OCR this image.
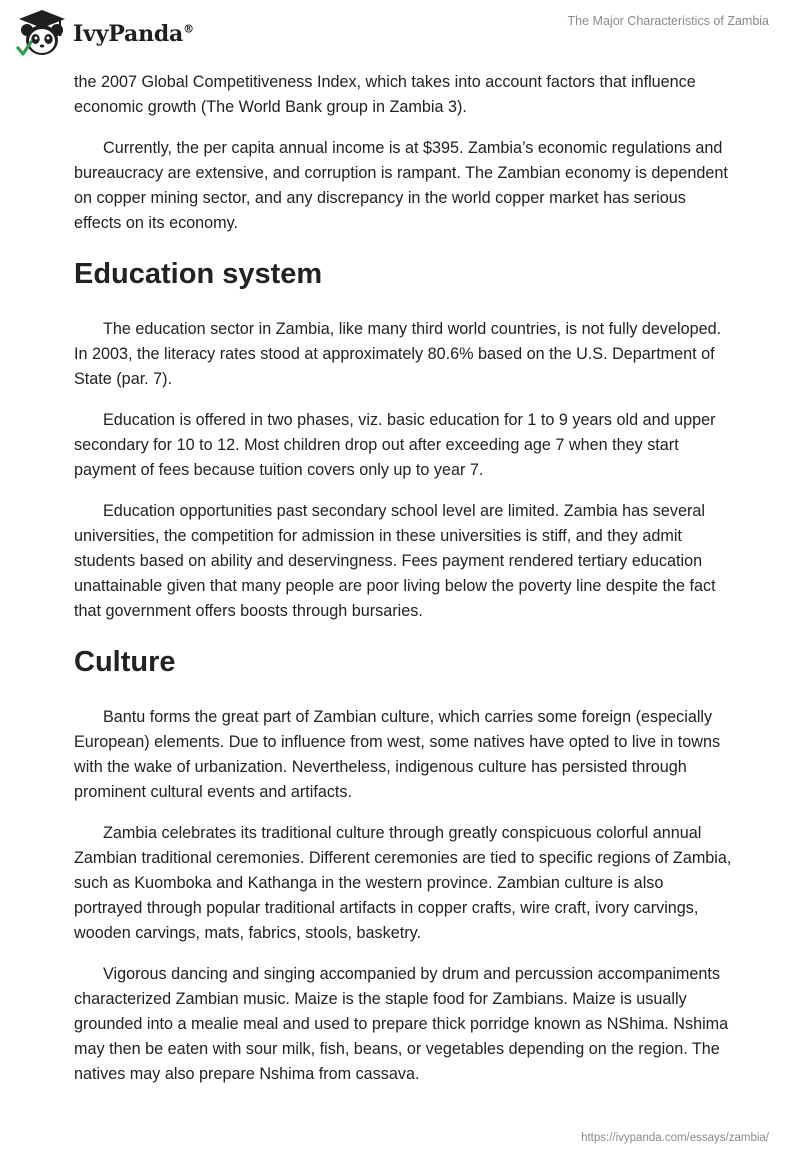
IvyPanda®
The Major Characteristics of Zambia

the 2007 Global Competitiveness Index, which takes into account factors that influence economic growth (The World Bank group in Zambia 3).

Currently, the per capita annual income is at $395. Zambia’s economic regulations and bureaucracy are extensive, and corruption is rampant. The Zambian economy is dependent on copper mining sector, and any discrepancy in the world copper market has serious effects on its economy.

Education system

The education sector in Zambia, like many third world countries, is not fully developed. In 2003, the literacy rates stood at approximately 80.6% based on the U.S. Department of State (par. 7).

Education is offered in two phases, viz. basic education for 1 to 9 years old and upper secondary for 10 to 12. Most children drop out after exceeding age 7 when they start payment of fees because tuition covers only up to year 7.

Education opportunities past secondary school level are limited. Zambia has several universities, the competition for admission in these universities is stiff, and they admit students based on ability and deservingness. Fees payment rendered tertiary education unattainable given that many people are poor living below the poverty line despite the fact that government offers boosts through bursaries.

Culture

Bantu forms the great part of Zambian culture, which carries some foreign (especially European) elements. Due to influence from west, some natives have opted to live in towns with the wake of urbanization. Nevertheless, indigenous culture has persisted through prominent cultural events and artifacts.

Zambia celebrates its traditional culture through greatly conspicuous colorful annual Zambian traditional ceremonies. Different ceremonies are tied to specific regions of Zambia, such as Kuomboka and Kathanga in the western province. Zambian culture is also portrayed through popular traditional artifacts in copper crafts, wire craft, ivory carvings, wooden carvings, mats, fabrics, stools, basketry.

Vigorous dancing and singing accompanied by drum and percussion accompaniments characterized Zambian music. Maize is the staple food for Zambians. Maize is usually grounded into a mealie meal and used to prepare thick porridge known as NShima. Nshima may then be eaten with sour milk, fish, beans, or vegetables depending on the region. The natives may also prepare Nshima from cassava.

https://ivypanda.com/essays/zambia/
